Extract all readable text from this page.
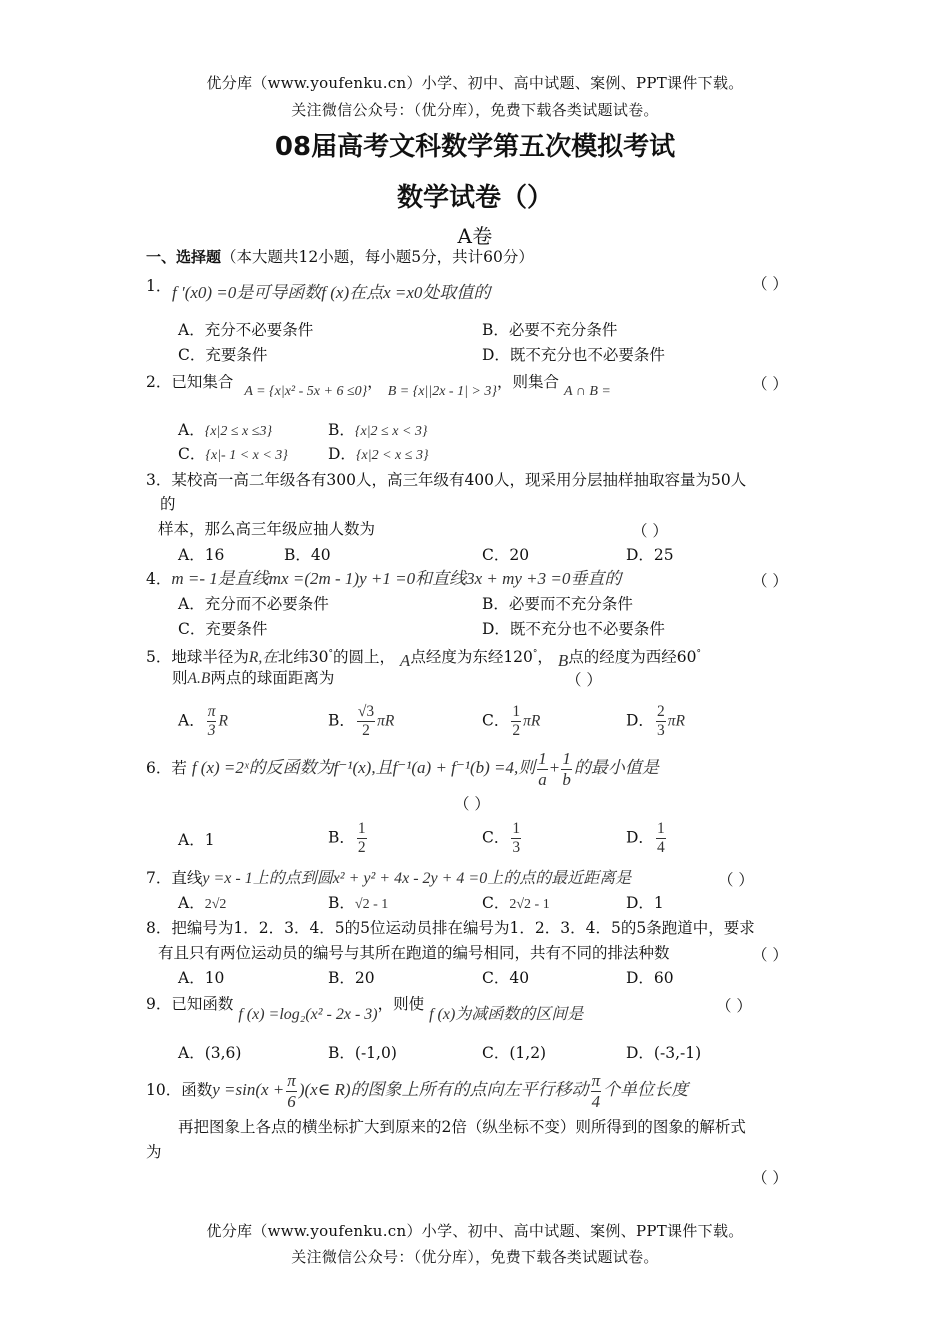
优分库（www.youfenku.cn）小学、初中、高中试题、案例、PPT课件下载。
关注微信公众号：（优分库），免费下载各类试题试卷。
08届高考文科数学第五次模拟考试
数学试卷（）
A卷
一、选择题（本大题共12小题，每小题5分，共计60分）
1． f ′(x0) =0是可导函数f (x)在点x =x0处取值的	（ ）
A．充分不必要条件	B．必要不充分条件
C．充要条件	D．既不充分也不必要条件
2．已知集合 A = {x|x² - 5x + 6 ≤0}， B = {x||2x - 1| > 3}，则集合 A ∩ B =	（ ）
A．{x|2 ≤ x ≤3}	B．{x|2 ≤ x < 3}
C．{x|- 1 < x < 3}	D．{x|2 < x ≤ 3}
3．某校高一高二年级各有300人，高三年级有400人，现采用分层抽样抽取容量为50人
的
样本，那么高三年级应抽人数为	（ ）
A．16	B．40	C．20	D．25
4．m =- 1是直线mx =(2m - 1)y +1 =0和直线3x + my +3 =0垂直的	（ ）
A．充分而不必要条件	B．必要而不充分条件
C．充要条件	D．既不充分也不必要条件
5．地球半径为R,在北纬30°的圆上， A点经度为东经120°， B点的经度为西经60°
则A.B两点的球面距离为	（ ）
A． $\frac{\pi}{3}$ R	B． $\frac{√3}{2}$ πR	C． $\frac{1}{2}$ πR	D． $\frac{2}{3}$ πR
6．若 f (x) =2ˣ的反函数为f⁻¹(x),且f⁻¹(a) + f⁻¹(b) =4,则 $\frac{1}{a} + \frac{1}{b}$ 的最小值是
（ ）
A．1	B． $\frac{1}{2}$	C． $\frac{1}{3}$	D． $\frac{1}{4}$
7．直线y =x - 1上的点到圆x² + y² + 4x - 2y + 4 =0上的点的最近距离是	（ ）
A．2√2	B．√2 - 1	C．2√2 - 1	D．1
8．把编号为1．2．3．4．5的5位运动员排在编号为1．2．3．4．5的5条跑道中，要求
有且只有两位运动员的编号与其所在跑道的编号相同，共有不同的排法种数	（ ）
A．10	B．20	C．40	D．60
9．已知函数 f (x) =log₂(x² - 2x - 3)，则使 f (x)为减函数的区间是	（ ）
A．(3,6)	B．(-1,0)	C．(1,2)	D．(-3,-1)
10．函数$y =\sin(x + \frac{\pi}{6}$ )(x∈ R)的图象上所有的点向左平行移动 $\frac{\pi}{4}$ 个单位长度
再把图象上各点的横坐标扩大到原来的2倍（纵坐标不变）则所得到的图象的解析式
为
（ ）
优分库（www.youfenku.cn）小学、初中、高中试题、案例、PPT课件下载。
关注微信公众号：（优分库），免费下载各类试题试卷。
